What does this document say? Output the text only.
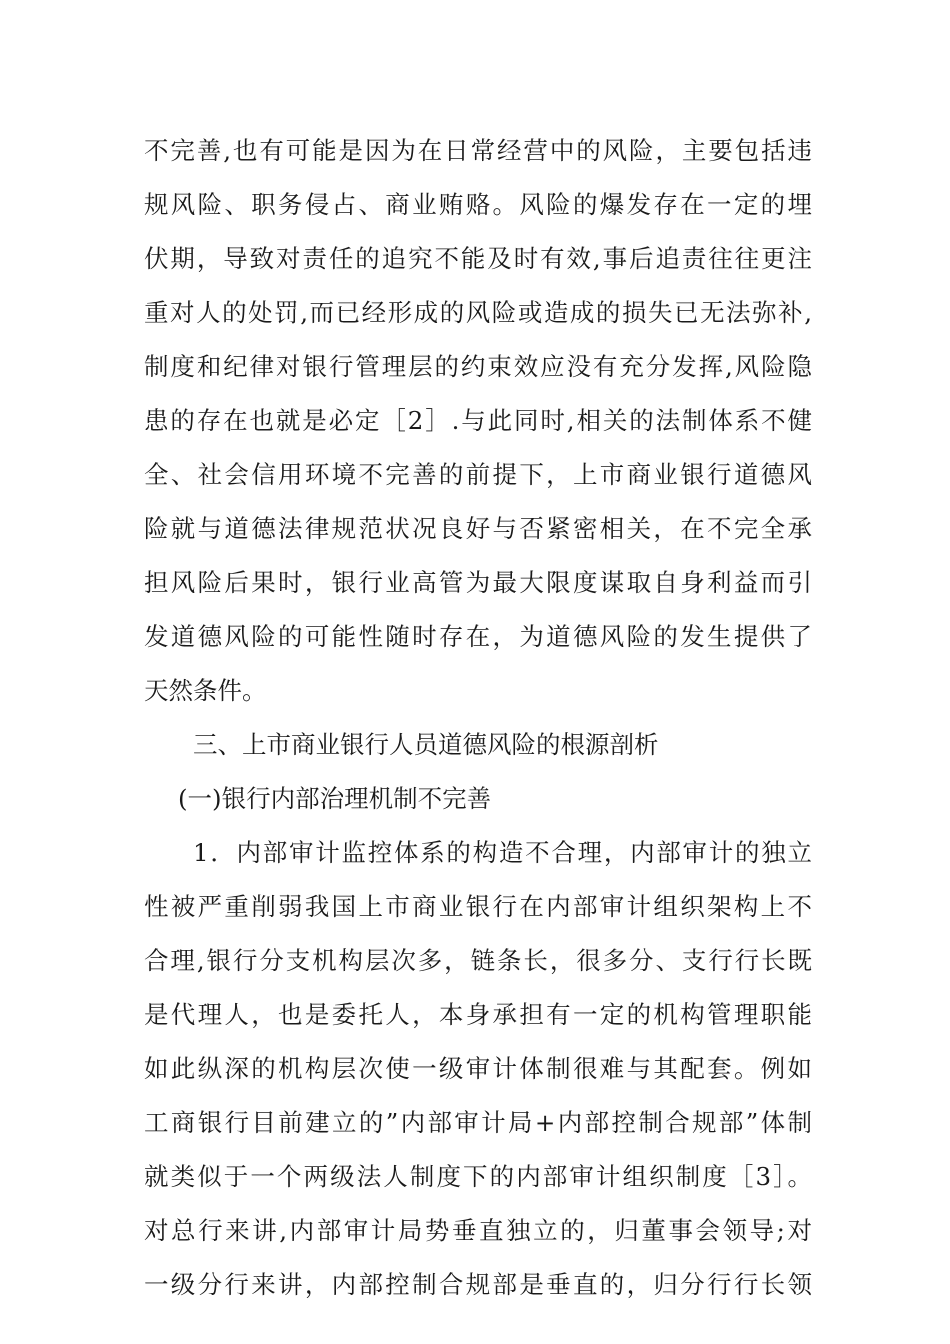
不完善,也有可能是因为在日常经营中的风险，主要包括违
规风险、职务侵占、商业贿赂。风险的爆发存在一定的埋
伏期，导致对责任的追究不能及时有效,事后追责往往更注
重对人的处罚,而已经形成的风险或造成的损失已无法弥补,
制度和纪律对银行管理层的约束效应没有充分发挥,风险隐
患的存在也就是必定［2］.与此同时,相关的法制体系不健
全、社会信用环境不完善的前提下，上市商业银行道德风
险就与道德法律规范状况良好与否紧密相关，在不完全承
担风险后果时，银行业高管为最大限度谋取自身利益而引
发道德风险的可能性随时存在，为道德风险的发生提供了
天然条件。
三、上市商业银行人员道德风险的根源剖析
(一)银行内部治理机制不完善
1．内部审计监控体系的构造不合理，内部审计的独立
性被严重削弱我国上市商业银行在内部审计组织架构上不
合理,银行分支机构层次多，链条长，很多分、支行行长既
是代理人，也是委托人，本身承担有一定的机构管理职能
如此纵深的机构层次使一级审计体制很难与其配套。例如
工商银行目前建立的”内部审计局+内部控制合规部”体制
就类似于一个两级法人制度下的内部审计组织制度［3］。
对总行来讲,内部审计局势垂直独立的，归董事会领导;对
一级分行来讲，内部控制合规部是垂直的，归分行行长领
